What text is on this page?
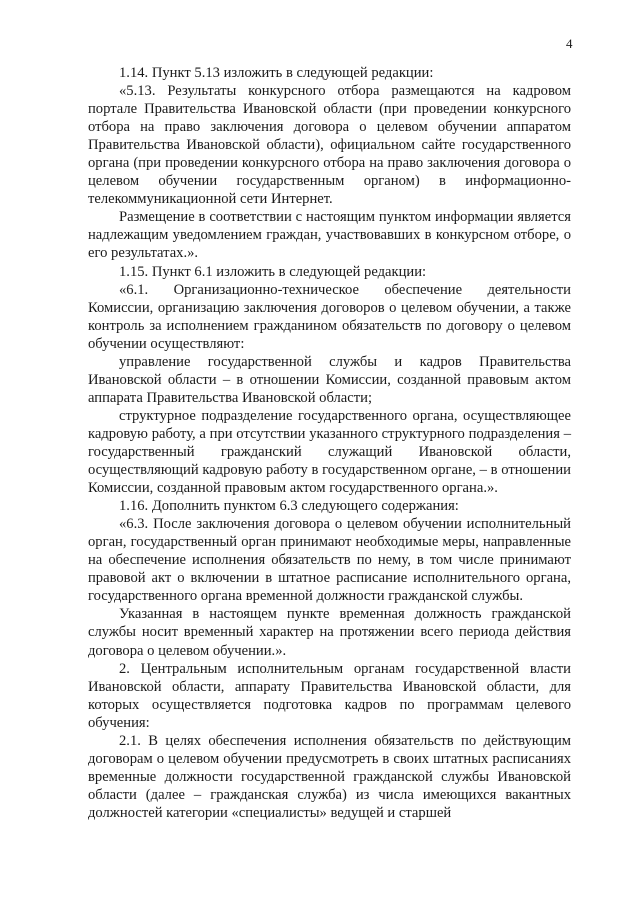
4

1.14. Пункт 5.13 изложить в следующей редакции:

«5.13. Результаты конкурсного отбора размещаются на кадровом портале Правительства Ивановской области (при проведении конкурсного отбора на право заключения договора о целевом обучении аппаратом Правительства Ивановской области), официальном сайте государственного органа (при проведении конкурсного отбора на право заключения договора о целевом обучении государственным органом) в информационно-телекоммуникационной сети Интернет.

Размещение в соответствии с настоящим пунктом информации является надлежащим уведомлением граждан, участвовавших в конкурсном отборе, о его результатах.».

1.15. Пункт 6.1 изложить в следующей редакции:

«6.1. Организационно-техническое обеспечение деятельности Комиссии, организацию заключения договоров о целевом обучении, а также контроль за исполнением гражданином обязательств по договору о целевом обучении осуществляют:

управление государственной службы и кадров Правительства Ивановской области – в отношении Комиссии, созданной правовым актом аппарата Правительства Ивановской области;

структурное подразделение государственного органа, осуществляющее кадровую работу, а при отсутствии указанного структурного подразделения – государственный гражданский служащий Ивановской области, осуществляющий кадровую работу в государственном органе, – в отношении Комиссии, созданной правовым актом государственного органа.».

1.16. Дополнить пунктом 6.3 следующего содержания:

«6.3. После заключения договора о целевом обучении исполнительный орган, государственный орган принимают необходимые меры, направленные на обеспечение исполнения обязательств по нему, в том числе принимают правовой акт о включении в штатное расписание исполнительного органа, государственного органа временной должности гражданской службы.

Указанная в настоящем пункте временная должность гражданской службы носит временный характер на протяжении всего периода действия договора о целевом обучении.».

2. Центральным исполнительным органам государственной власти Ивановской области, аппарату Правительства Ивановской области, для которых осуществляется подготовка кадров по программам целевого обучения:

2.1. В целях обеспечения исполнения обязательств по действующим договорам о целевом обучении предусмотреть в своих штатных расписаниях временные должности государственной гражданской службы Ивановской области (далее – гражданская служба) из числа имеющихся вакантных должностей категории «специалисты» ведущей и старшей
